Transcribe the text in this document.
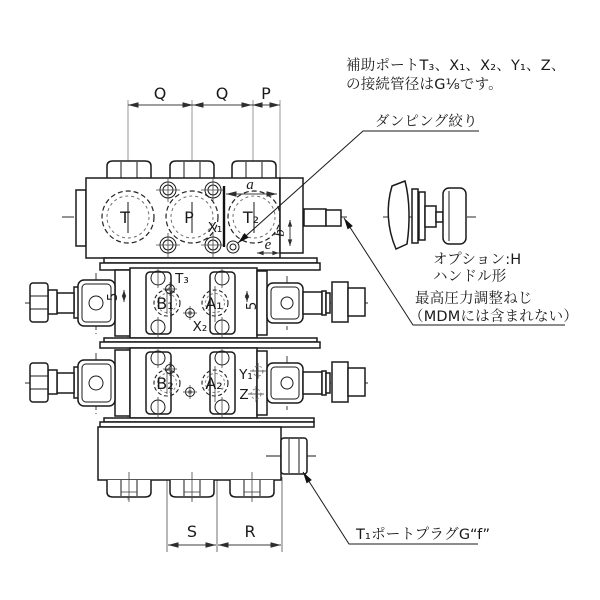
Q	Q P
a
b
e
5
5
S	R
T	P	T₂
X₁
T₃
B₁ A₁
X₂
B₂ A₂ Y₁
Z
補助ポートT₃、X₁、X₂、Y₁、Z、
の接続管径はG⅛です。
ダンピング絞り
オプション:H
ハンドル形
最高圧力調整ねじ
（MDMには含まれない）
T₁ポートプラグG“f”
